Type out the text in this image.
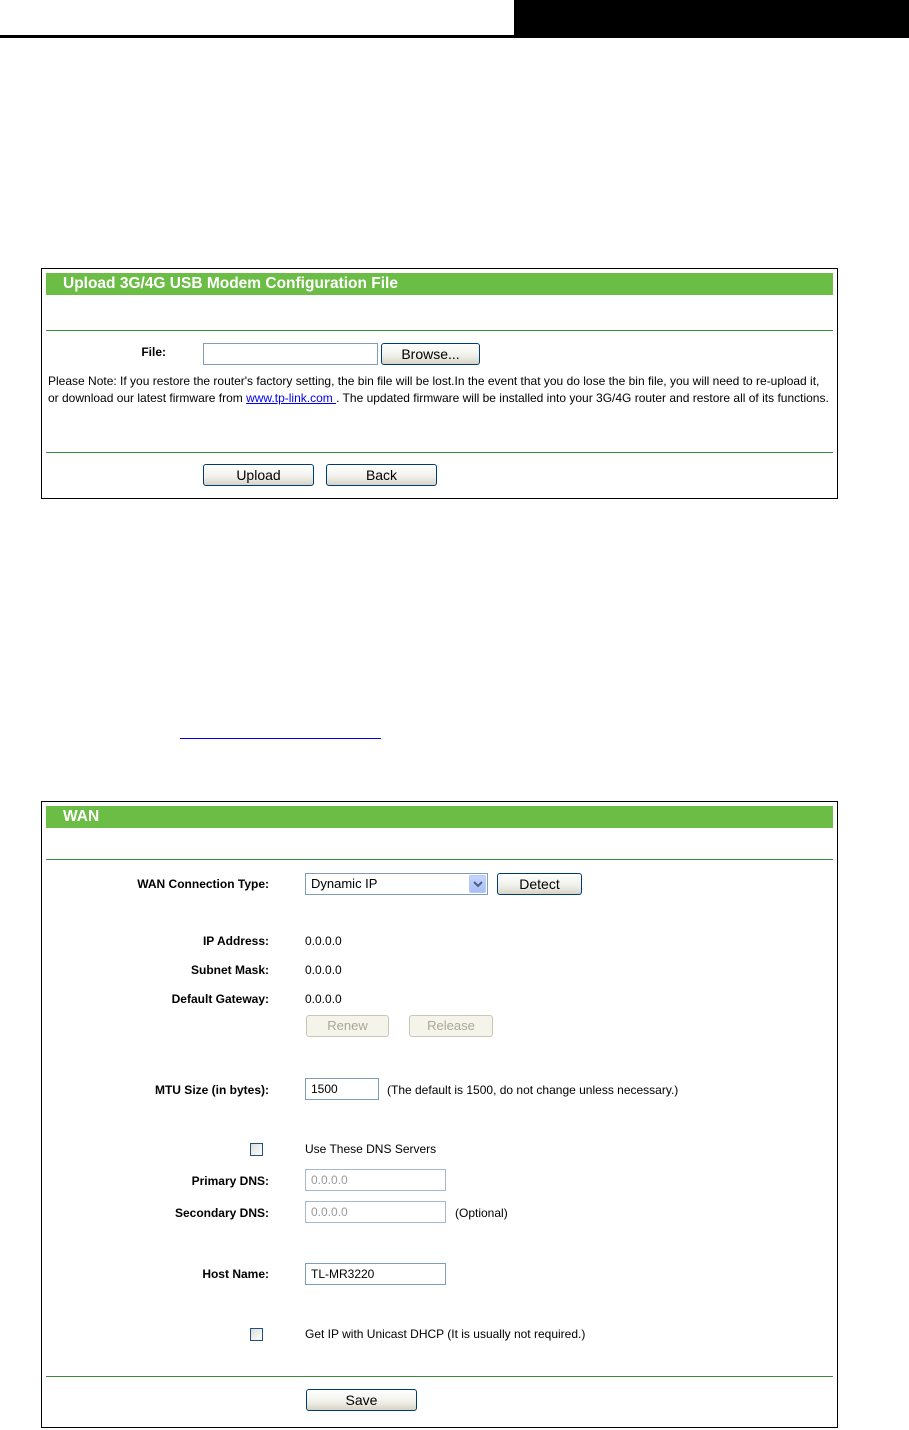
Upload 3G/4G USB Modem Configuration File
File:	Browse...
Please Note: If you restore the router's factory setting, the bin file will be lost.In the event that you do lose the bin file, you will need to re-upload it, or download our latest firmware from www.tp-link.com . The updated firmware will be installed into your 3G/4G router and restore all of its functions.
Upload	Back
WAN
WAN Connection Type:	Dynamic IP	Detect
IP Address:	0.0.0.0
Subnet Mask:	0.0.0.0
Default Gateway:	0.0.0.0
Renew	Release
MTU Size (in bytes):	1500	(The default is 1500, do not change unless necessary.)
Use These DNS Servers
Primary DNS:	0.0.0.0
Secondary DNS:	0.0.0.0	(Optional)
Host Name:	TL-MR3220
Get IP with Unicast DHCP (It is usually not required.)
Save
